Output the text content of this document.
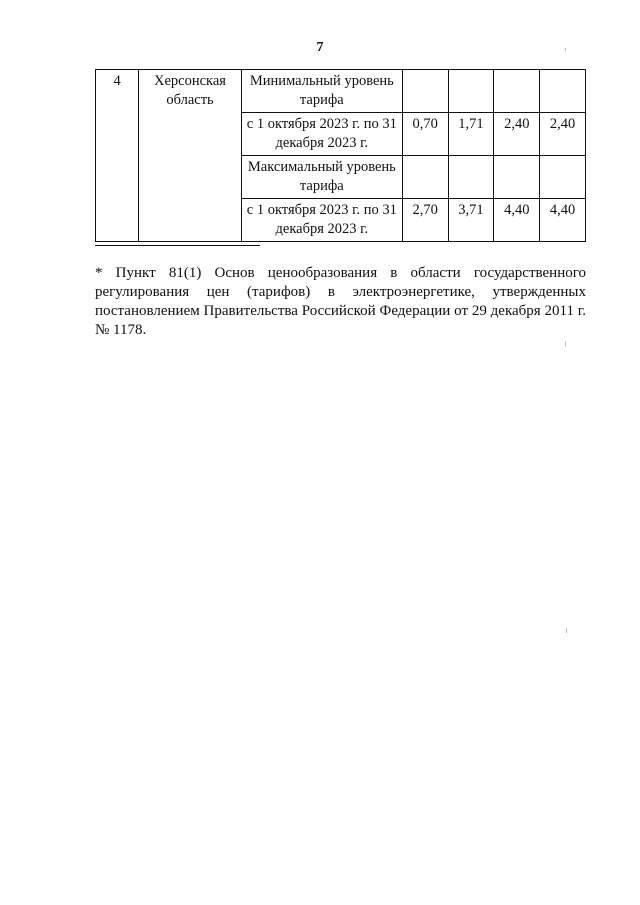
7
4	Херсонская область	Минимальный уровень тарифа				
		с 1 октября 2023 г. по 31 декабря 2023 г.	0,70	1,71	2,40	2,40
		Максимальный уровень тарифа				
		с 1 октября 2023 г. по 31 декабря 2023 г.	2,70	3,71	4,40	4,40
* Пункт 81(1) Основ ценообразования в области государственного регулирования цен (тарифов) в электроэнергетике, утвержденных постановлением Правительства Российской Федерации от 29 декабря 2011 г. № 1178.
